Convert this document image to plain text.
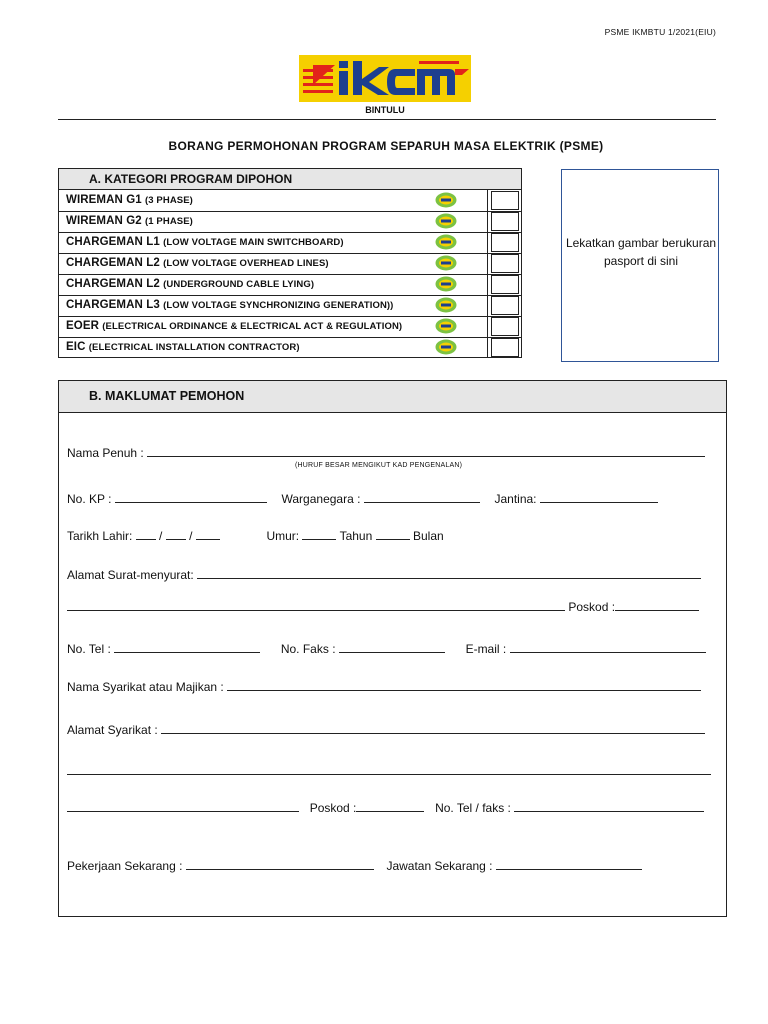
PSME IKMBTU 1/2021(EIU)
BINTULU
BORANG PERMOHONAN PROGRAM SEPARUH MASA ELEKTRIK (PSME)
A. KATEGORI PROGRAM DIPOHON
WIREMAN G1 (3 PHASE)
WIREMAN G2 (1 PHASE)
CHARGEMAN L1 (LOW VOLTAGE MAIN SWITCHBOARD)
CHARGEMAN L2 (LOW VOLTAGE OVERHEAD LINES)
CHARGEMAN L2 (UNDERGROUND CABLE LYING)
CHARGEMAN L3 (LOW VOLTAGE SYNCHRONIZING GENERATION))
EOER (ELECTRICAL ORDINANCE & ELECTRICAL ACT & REGULATION)
EIC (ELECTRICAL INSTALLATION CONTRACTOR)
Lekatkan gambar berukuran pasport di sini
B. MAKLUMAT PEMOHON
Nama Penuh :
(HURUF BESAR MENGIKUT KAD PENGENALAN)
No. KP :	Warganegara :	Jantina:
Tarikh Lahir:  /  /	Umur:	Tahun	Bulan
Alamat Surat-menyurat:
Poskod :
No. Tel :	No. Faks :	E-mail :
Nama Syarikat atau Majikan :
Alamat Syarikat :
Poskod :	No. Tel / faks :
Pekerjaan Sekarang :	Jawatan Sekarang :
